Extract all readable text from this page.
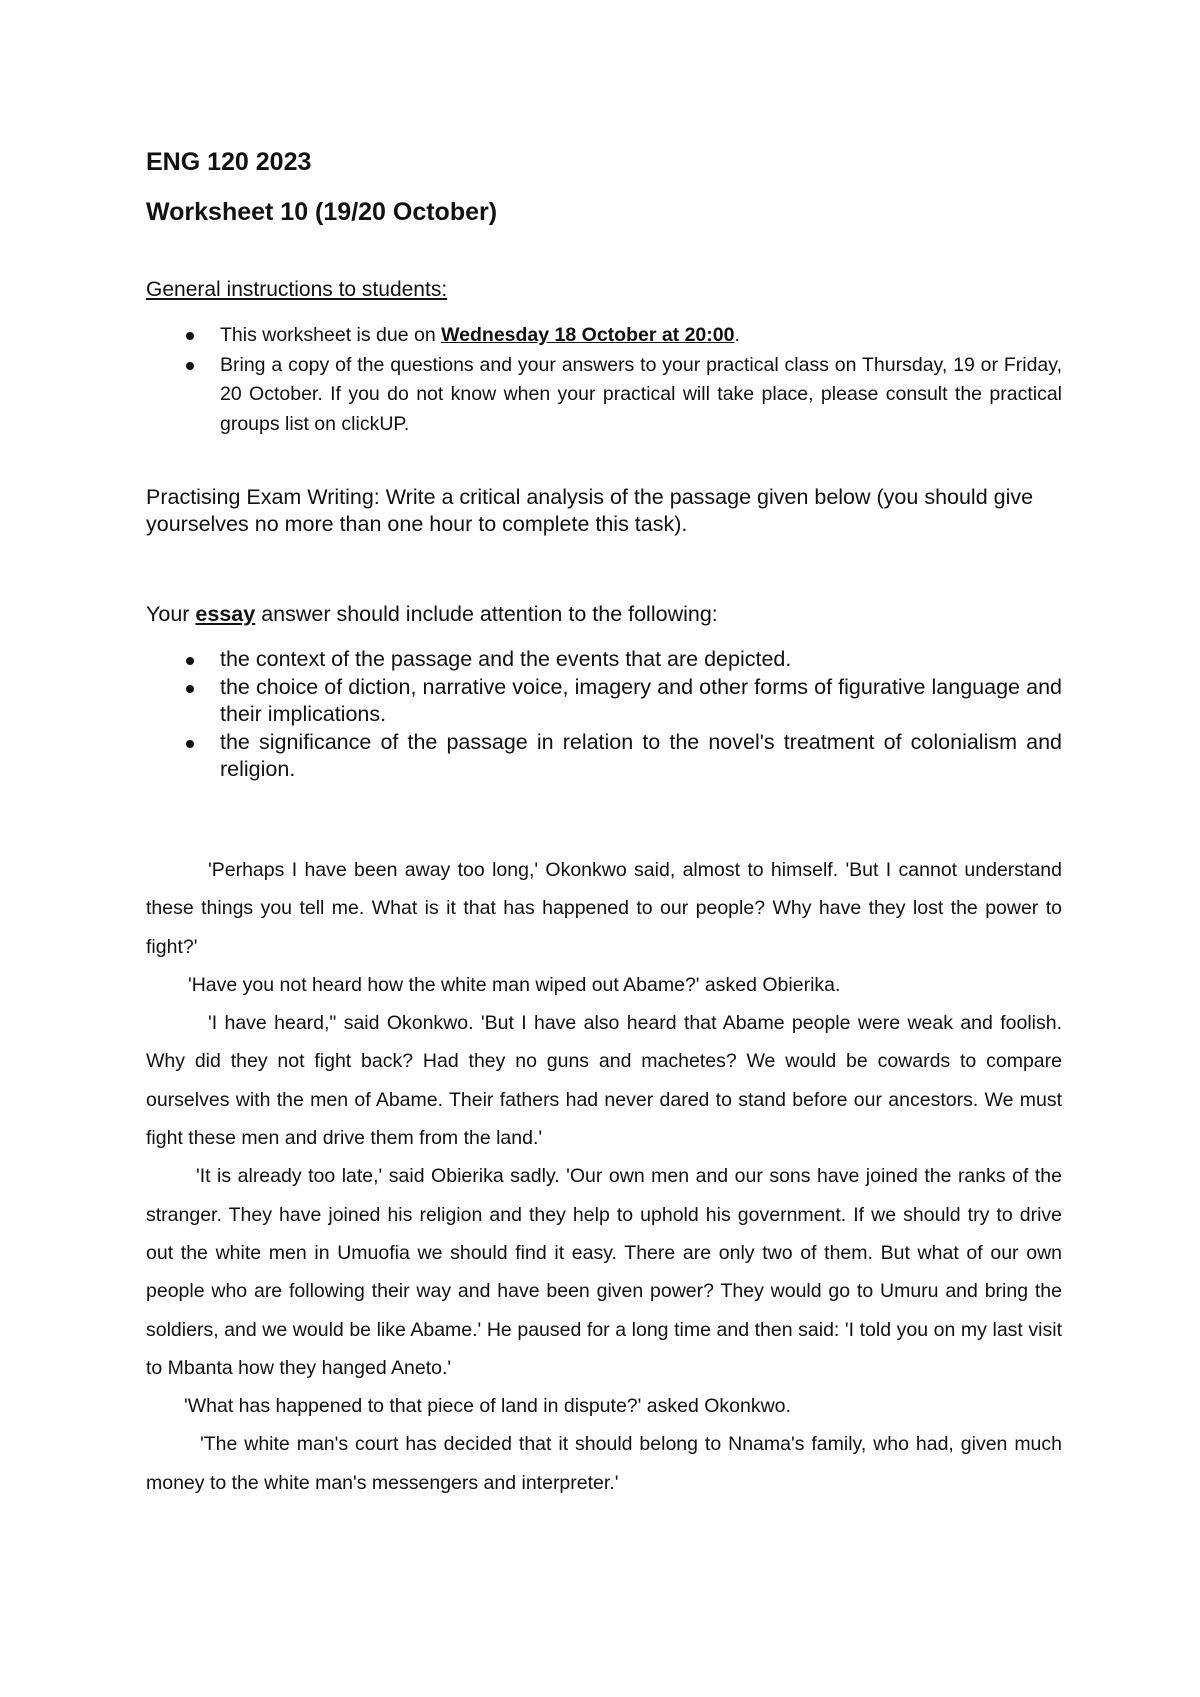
ENG 120 2023
Worksheet 10 (19/20 October)
General instructions to students:
This worksheet is due on Wednesday 18 October at 20:00.
Bring a copy of the questions and your answers to your practical class on Thursday, 19 or Friday, 20 October. If you do not know when your practical will take place, please consult the practical groups list on clickUP.

Practising Exam Writing: Write a critical analysis of the passage given below (you should give yourselves no more than one hour to complete this task).

Your essay answer should include attention to the following:

the context of the passage and the events that are depicted.
the choice of diction, narrative voice, imagery and other forms of figurative language and their implications.
the significance of the passage in relation to the novel's treatment of colonialism and religion.

'Perhaps I have been away too long,' Okonkwo said, almost to himself. 'But I cannot understand these things you tell me. What is it that has happened to our people? Why have they lost the power to fight?'

'Have you not heard how the white man wiped out Abame?' asked Obierika.

'I have heard," said Okonkwo. 'But I have also heard that Abame people were weak and foolish. Why did they not fight back? Had they no guns and machetes? We would be cowards to compare ourselves with the men of Abame. Their fathers had never dared to stand before our ancestors. We must fight these men and drive them from the land.'

'It is already too late,' said Obierika sadly. 'Our own men and our sons have joined the ranks of the stranger. They have joined his religion and they help to uphold his government. If we should try to drive out the white men in Umuofia we should find it easy. There are only two of them. But what of our own people who are following their way and have been given power? They would go to Umuru and bring the soldiers, and we would be like Abame.' He paused for a long time and then said: 'I told you on my last visit to Mbanta how they hanged Aneto.'

'What has happened to that piece of land in dispute?' asked Okonkwo.

'The white man's court has decided that it should belong to Nnama's family, who had, given much money to the white man's messengers and interpreter.'
